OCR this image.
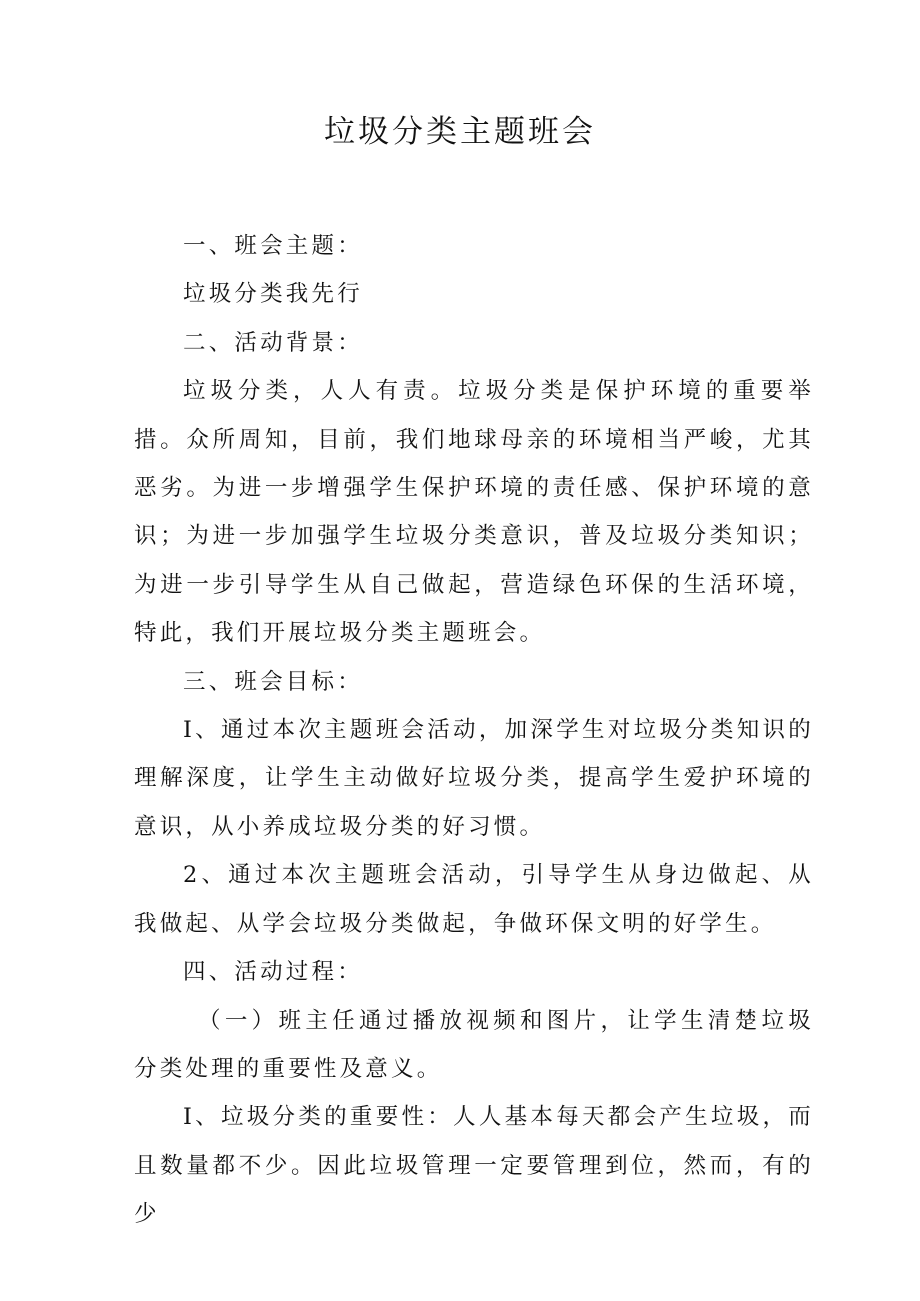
垃圾分类主题班会

一、班会主题：

垃圾分类我先行

二、活动背景：

垃圾分类，人人有责。垃圾分类是保护环境的重要举措。众所周知，目前，我们地球母亲的环境相当严峻，尤其恶劣。为进一步增强学生保护环境的责任感、保护环境的意识；为进一步加强学生垃圾分类意识，普及垃圾分类知识；为进一步引导学生从自己做起，营造绿色环保的生活环境，特此，我们开展垃圾分类主题班会。

三、班会目标：

I、通过本次主题班会活动，加深学生对垃圾分类知识的理解深度，让学生主动做好垃圾分类，提高学生爱护环境的意识，从小养成垃圾分类的好习惯。

2、通过本次主题班会活动，引导学生从身边做起、从我做起、从学会垃圾分类做起，争做环保文明的好学生。

四、活动过程：

（一）班主任通过播放视频和图片，让学生清楚垃圾分类处理的重要性及意义。

I、垃圾分类的重要性：人人基本每天都会产生垃圾，而且数量都不少。因此垃圾管理一定要管理到位，然而，有的少
